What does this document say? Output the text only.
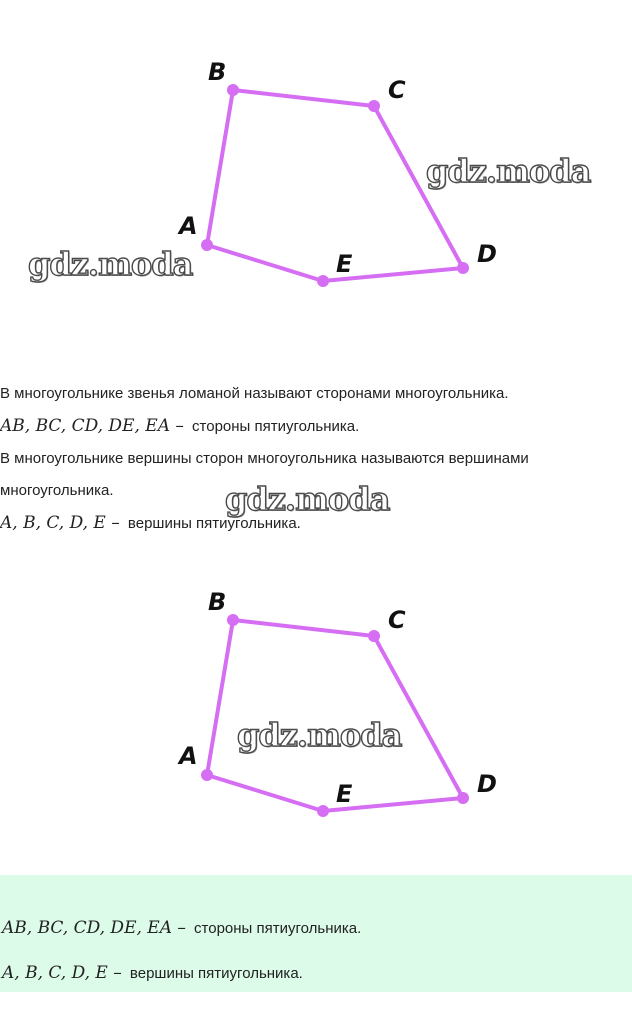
A
B
C
D
E
gdz.moda
gdz.moda

В многоугольнике звенья ломаной называют сторонами многоугольника.

AB, BC, CD, DE, EA – стороны пятиугольника.

В многоугольнике вершины сторон многоугольника называются вершинами

многоугольника.

A, B, C, D, E – вершины пятиугольника.

gdz.moda
A
B
C
D
E
gdz.moda

AB, BC, CD, DE, EA – стороны пятиугольника.

A, B, C, D, E – вершины пятиугольника.
